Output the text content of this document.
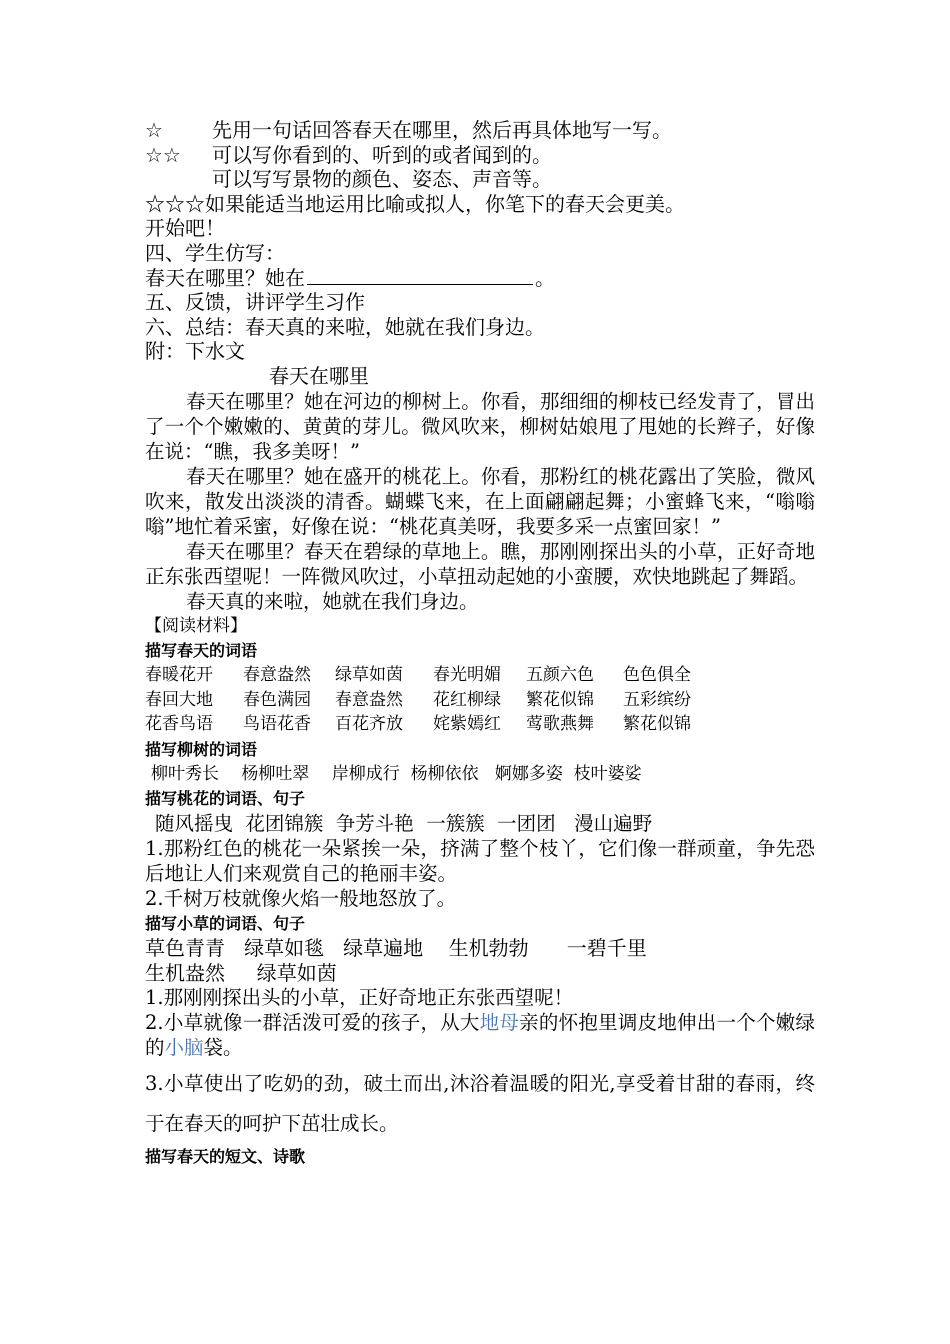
☆ 先用一句话回答春天在哪里，然后再具体地写一写。
☆☆ 可以写你看到的、听到的或者闻到的。
可以写写景物的颜色、姿态、声音等。
☆☆☆如果能适当地运用比喻或拟人，你笔下的春天会更美。
开始吧！
四、学生仿写：
春天在哪里？她在	。
五、反馈，讲评学生习作
六、总结：春天真的来啦，她就在我们身边。
附：下水文
春天在哪里
春天在哪里？她在河边的柳树上。你看，那细细的柳枝已经发青了，冒出了一个个嫩嫩的、黄黄的芽儿。微风吹来，柳树姑娘甩了甩她的长辫子，好像在说：“瞧，我多美呀！”
春天在哪里？她在盛开的桃花上。你看，那粉红的桃花露出了笑脸，微风吹来，散发出淡淡的清香。蝴蝶飞来，在上面翩翩起舞；小蜜蜂飞来，“嗡嗡嗡”地忙着采蜜，好像在说：“桃花真美呀，我要多采一点蜜回家！”
春天在哪里？春天在碧绿的草地上。瞧，那刚刚探出头的小草，正好奇地正东张西望呢！一阵微风吹过，小草扭动起她的小蛮腰，欢快地跳起了舞蹈。
春天真的来啦，她就在我们身边。
【阅读材料】
描写春天的词语
春暖花开	春意盎然	绿草如茵	春光明媚	五颜六色	色色俱全
春回大地	春色满园	春意盎然	花红柳绿	繁花似锦	五彩缤纷
花香鸟语	鸟语花香	百花齐放	姹紫嫣红	莺歌燕舞	繁花似锦
描写柳树的词语
柳叶秀长　 杨柳吐翠　 岸柳成行  杨柳依依   婀娜多姿  枝叶婆娑
描写桃花的词语、句子
随风摇曳  花团锦簇  争芳斗艳  一簇簇  一团团   漫山遍野
1.那粉红色的桃花一朵紧挨一朵，挤满了整个枝丫，它们像一群顽童，争先恐后地让人们来观赏自己的艳丽丰姿。
2.千树万枝就像火焰一般地怒放了。
描写小草的词语、句子
草色青青   绿草如毯   绿草遍地    生机勃勃      一碧千里
生机盎然     绿草如茵
1.那刚刚探出头的小草，正好奇地正东张西望呢！
2.小草就像一群活泼可爱的孩子，从大地母亲的怀抱里调皮地伸出一个个嫩绿的小脑袋。
3.小草使出了吃奶的劲，破土而出,沐浴着温暖的阳光,享受着甘甜的春雨，终于在春天的呵护下茁壮成长。
描写春天的短文、诗歌
